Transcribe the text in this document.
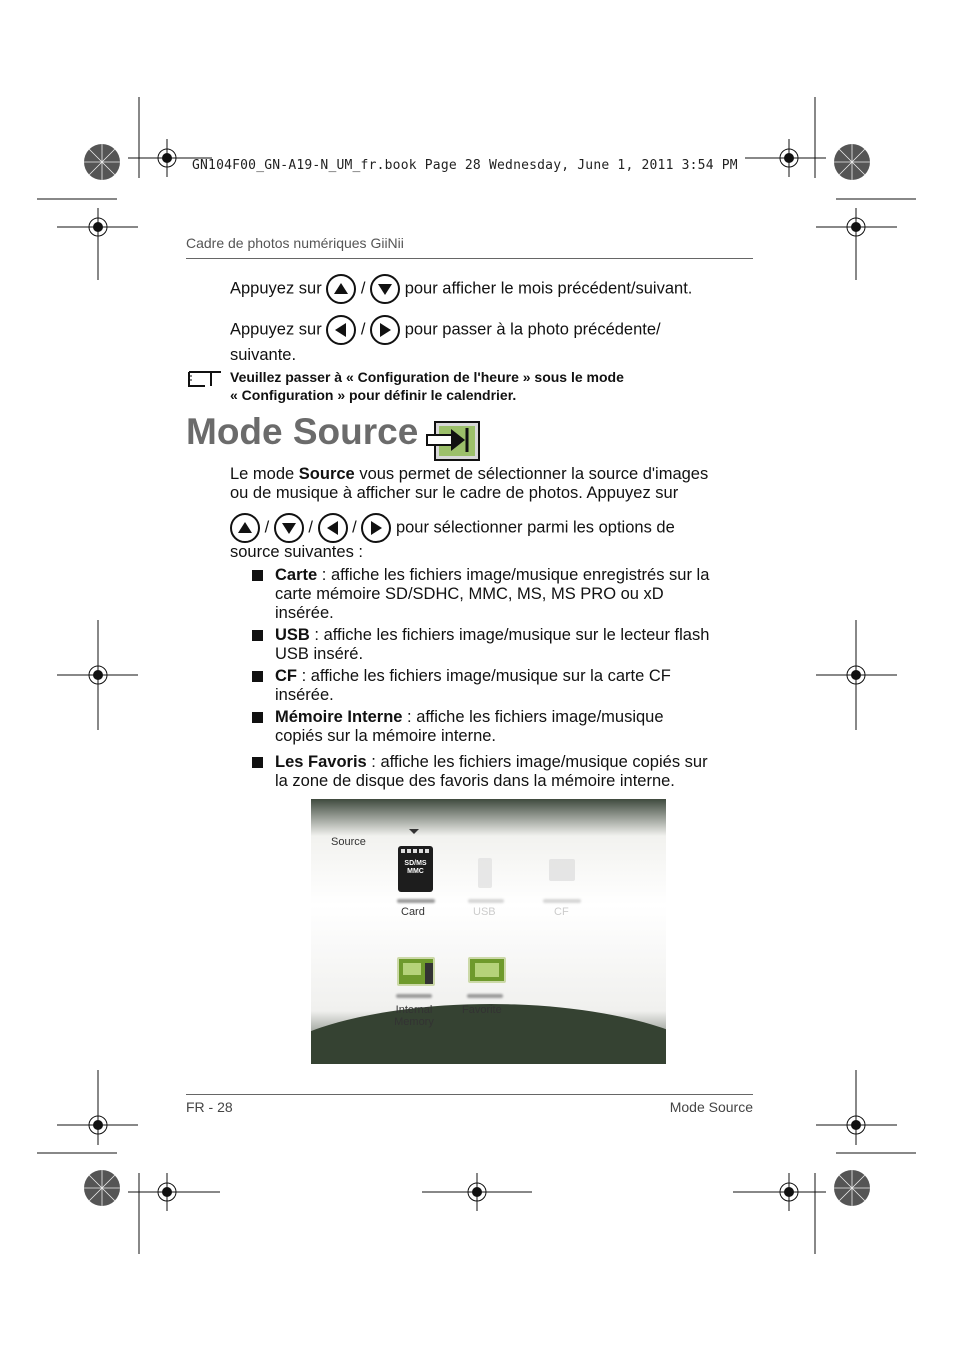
GN104F00_GN-A19-N_UM_fr.book Page 28 Wednesday, June 1, 2011 3:54 PM
Cadre de photos numériques GiiNii
Appuyez sur / pour afficher le mois précédent/suivant.
Appuyez sur / pour passer à la photo précédente/
suivante.
Veuillez passer à « Configuration de l'heure » sous le mode
« Configuration » pour définir le calendrier.
Mode Source
Le mode Source vous permet de sélectionner la source d'images
ou de musique à afficher sur le cadre de photos. Appuyez sur
/ / / pour sélectionner parmi les options de
source suivantes :
Carte : affiche les fichiers image/musique enregistrés sur la
carte mémoire SD/SDHC, MMC, MS, MS PRO ou xD
insérée.
USB : affiche les fichiers image/musique sur le lecteur flash
USB inséré.
CF : affiche les fichiers image/musique sur la carte CF
insérée.
Mémoire Interne : affiche les fichiers image/musique
copiés sur la mémoire interne.
Les Favoris : affiche les fichiers image/musique copiés sur
la zone de disque des favoris dans la mémoire interne.
Source
SD/MS MMC
Card	USB	CF
Internal
Memory
Favorite
FR - 28	Mode Source
